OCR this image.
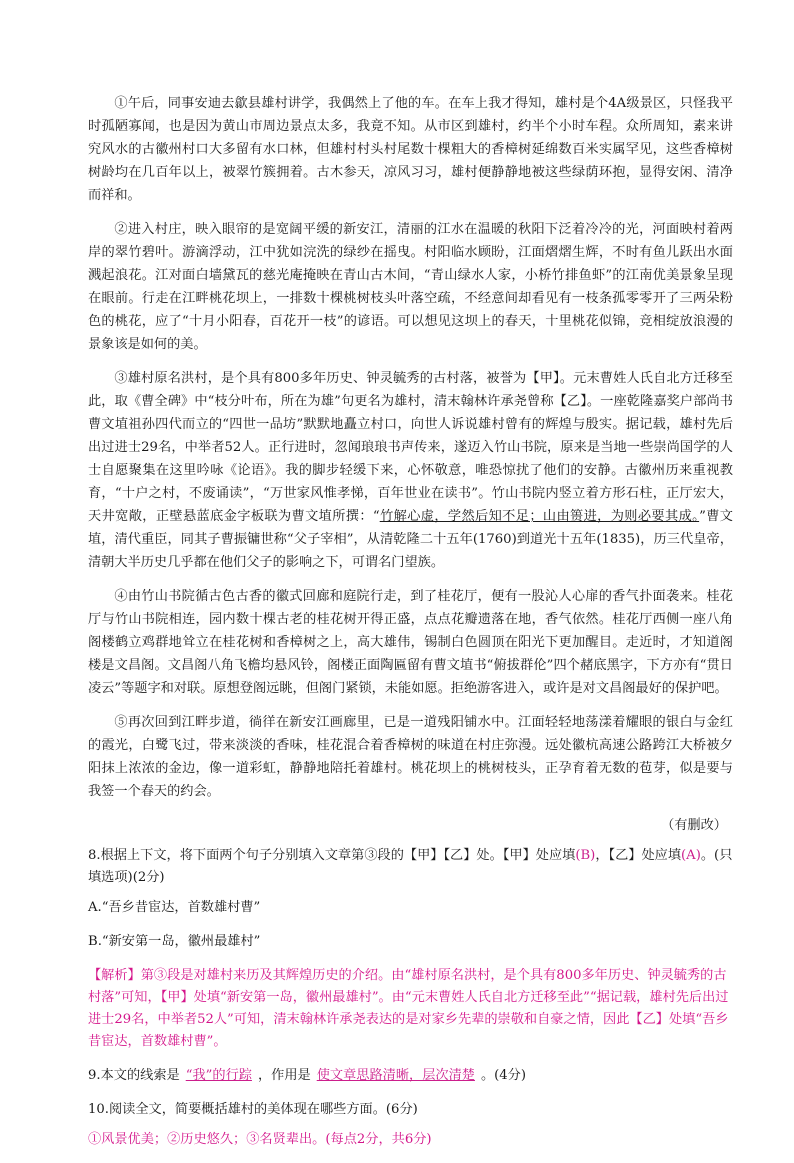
①午后，同事安迪去歙县雄村讲学，我偶然上了他的车。在车上我才得知，雄村是个4A级景区，只怪我平时孤陋寡闻，也是因为黄山市周边景点太多，我竟不知。从市区到雄村，约半个小时车程。众所周知，素来讲究风水的古徽州村口大多留有水口林，但雄村村头村尾数十棵粗大的香樟树延绵数百米实属罕见，这些香樟树树龄均在几百年以上，被翠竹簇拥着。古木参天，凉风习习，雄村便静静地被这些绿荫环抱，显得安闲、清净而祥和。

②进入村庄，映入眼帘的是宽阔平缓的新安江，清丽的江水在温暖的秋阳下泛着冷冷的光，河面映村着两岸的翠竹碧叶。游滴浮动，江中犹如浣洗的绿纱在摇曳。村阳临水顾盼，江面熠熠生辉，不时有鱼儿跃出水面溅起浪花。江对面白墙黛瓦的慈光庵掩映在青山古木间，“青山绿水人家，小桥竹排鱼虾”的江南优美景象呈现在眼前。行走在江畔桃花坝上，一排数十棵桃树枝头叶落空疏，不经意间却看见有一枝条孤零零开了三两朵粉色的桃花，应了“十月小阳春，百花开一枝”的谚语。可以想见这坝上的春天，十里桃花似锦，竞相绽放浪漫的景象该是如何的美。

③雄村原名洪村，是个具有800多年历史、钟灵毓秀的古村落，被誉为【甲】。元末曹姓人氏自北方迁移至此，取《曹全碑》中“枝分叶布，所在为雄”句更名为雄村，清末翰林许承尧曾称【乙】。一座乾隆嘉奖户部尚书曹文埴祖孙四代而立的“四世一品坊”默默地矗立村口，向世人诉说雄村曾有的辉煌与殷实。据记载，雄村先后出过进士29名，中举者52人。正行进时，忽闻琅琅书声传来，遂迈入竹山书院，原来是当地一些崇尚国学的人士自愿聚集在这里吟咏《论语》。我的脚步轻缓下来，心怀敬意，唯恐惊扰了他们的安静。古徽州历来重视教育，“十户之村，不废诵读”，“万世家风惟孝悌，百年世业在读书”。竹山书院内竖立着方形石柱，正厅宏大，天井宽敞，正壁悬蓝底金字板联为曹文埴所撰：“竹解心虚，学然后知不足；山由篑进，为则必要其成。”曹文埴，清代重臣，同其子曹振镛世称“父子宰相”，从清乾隆二十五年(1760)到道光十五年(1835)，历三代皇帝，清朝大半历史几乎都在他们父子的影响之下，可谓名门望族。

④由竹山书院循古色古香的徽式回廊和庭院行走，到了桂花厅，便有一股沁人心扉的香气扑面袭来。桂花厅与竹山书院相连，园内数十棵古老的桂花树开得正盛，点点花瓣遗落在地，香气依然。桂花厅西侧一座八角阁楼鹤立鸡群地耸立在桂花树和香樟树之上，高大雄伟，锡制白色圆顶在阳光下更加醒目。走近时，才知道阁楼是文昌阁。文昌阁八角飞檐均悬风铃，阁楼正面陶匾留有曹文埴书“俯拔群伦”四个赭底黑字，下方亦有“贯日凌云”等题字和对联。原想登阁远眺，但阁门紧锁，未能如愿。拒绝游客进入，或许是对文昌阁最好的保护吧。

⑤再次回到江畔步道，徜徉在新安江画廊里，已是一道残阳铺水中。江面轻轻地荡漾着耀眼的银白与金红的霞光，白鹭飞过，带来淡淡的香味，桂花混合着香樟树的味道在村庄弥漫。远处徽杭高速公路跨江大桥被夕阳抹上浓浓的金边，像一道彩虹，静静地陪托着雄村。桃花坝上的桃树枝头，正孕育着无数的苞芽，似是要与我签一个春天的约会。

（有删改）
8.根据上下文，将下面两个句子分别填入文章第③段的【甲】【乙】处。【甲】处应填(B)，【乙】处应填(A)。(只填选项)(2分)
A.“吾乡昔宦达，首数雄村曹”
B.“新安第一岛，徽州最雄村”
【解析】第③段是对雄村来历及其辉煌历史的介绍。由“雄村原名洪村，是个具有800多年历史、钟灵毓秀的古村落”可知，【甲】处填“新安第一岛，徽州最雄村”。由“元末曹姓人氏自北方迁移至此”“据记载，雄村先后出过进士29名，中举者52人”可知，清末翰林许承尧表达的是对家乡先辈的崇敬和自豪之情，因此【乙】处填“吾乡昔宦达，首数雄村曹”。
9.本文的线索是 “我”的行踪 ，作用是 使文章思路清晰，层次清楚 。(4分)
10.阅读全文，简要概括雄村的美体现在哪些方面。(6分)
①风景优美；②历史悠久；③名贤辈出。(每点2分，共6分)
